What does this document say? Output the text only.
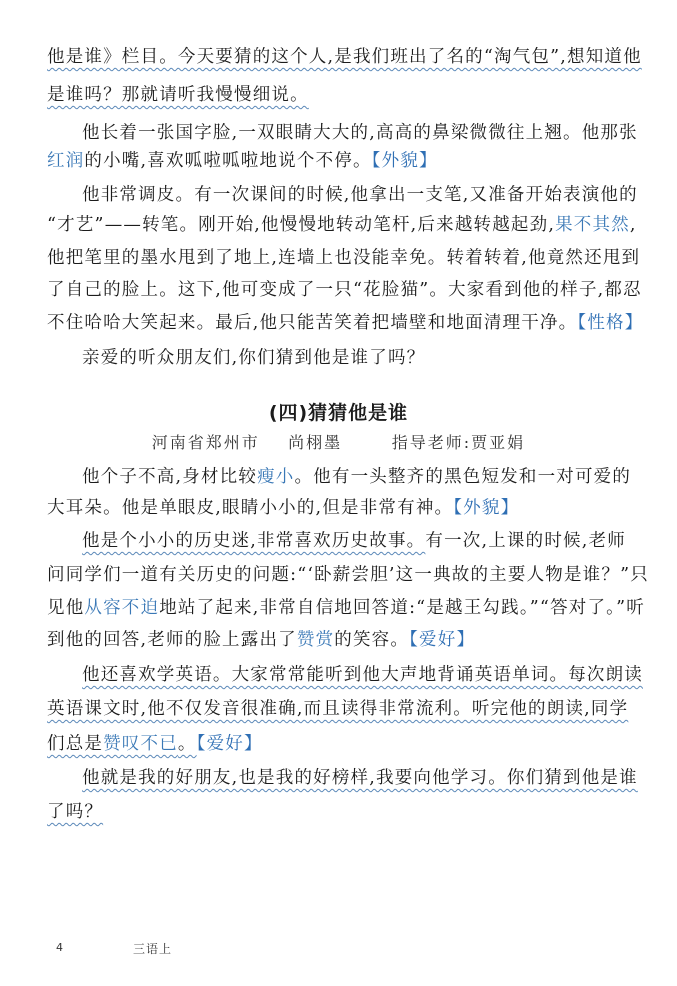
他是谁》栏目。今天要猜的这个人,是我们班出了名的“淘气包”,想知道他
是谁吗？那就请听我慢慢细说。
他长着一张国字脸,一双眼睛大大的,高高的鼻梁微微往上翘。他那张
红润的小嘴,喜欢呱啦呱啦地说个不停。【外貌】
他非常调皮。有一次课间的时候,他拿出一支笔,又准备开始表演他的
“才艺”——转笔。刚开始,他慢慢地转动笔杆,后来越转越起劲,果不其然,
他把笔里的墨水甩到了地上,连墙上也没能幸免。转着转着,他竟然还甩到
了自己的脸上。这下,他可变成了一只“花脸猫”。大家看到他的样子,都忍
不住哈哈大笑起来。最后,他只能苦笑着把墙壁和地面清理干净。【性格】
亲爱的听众朋友们,你们猜到他是谁了吗？
(四)猜猜他是谁
河南省郑州市 尚栩墨	指导老师:贾亚娟
他个子不高,身材比较瘦小。他有一头整齐的黑色短发和一对可爱的
大耳朵。他是单眼皮,眼睛小小的,但是非常有神。【外貌】
他是个小小的历史迷,非常喜欢历史故事。有一次,上课的时候,老师
问同学们一道有关历史的问题:“‘卧薪尝胆’这一典故的主要人物是谁？”只
见他从容不迫地站了起来,非常自信地回答道:“是越王勾践。”“答对了。”听
到他的回答,老师的脸上露出了赞赏的笑容。【爱好】
他还喜欢学英语。大家常常能听到他大声地背诵英语单词。每次朗读
英语课文时,他不仅发音很准确,而且读得非常流利。听完他的朗读,同学
们总是赞叹不已。【爱好】
他就是我的好朋友,也是我的好榜样,我要向他学习。你们猜到他是谁
了吗？
4	三语上
